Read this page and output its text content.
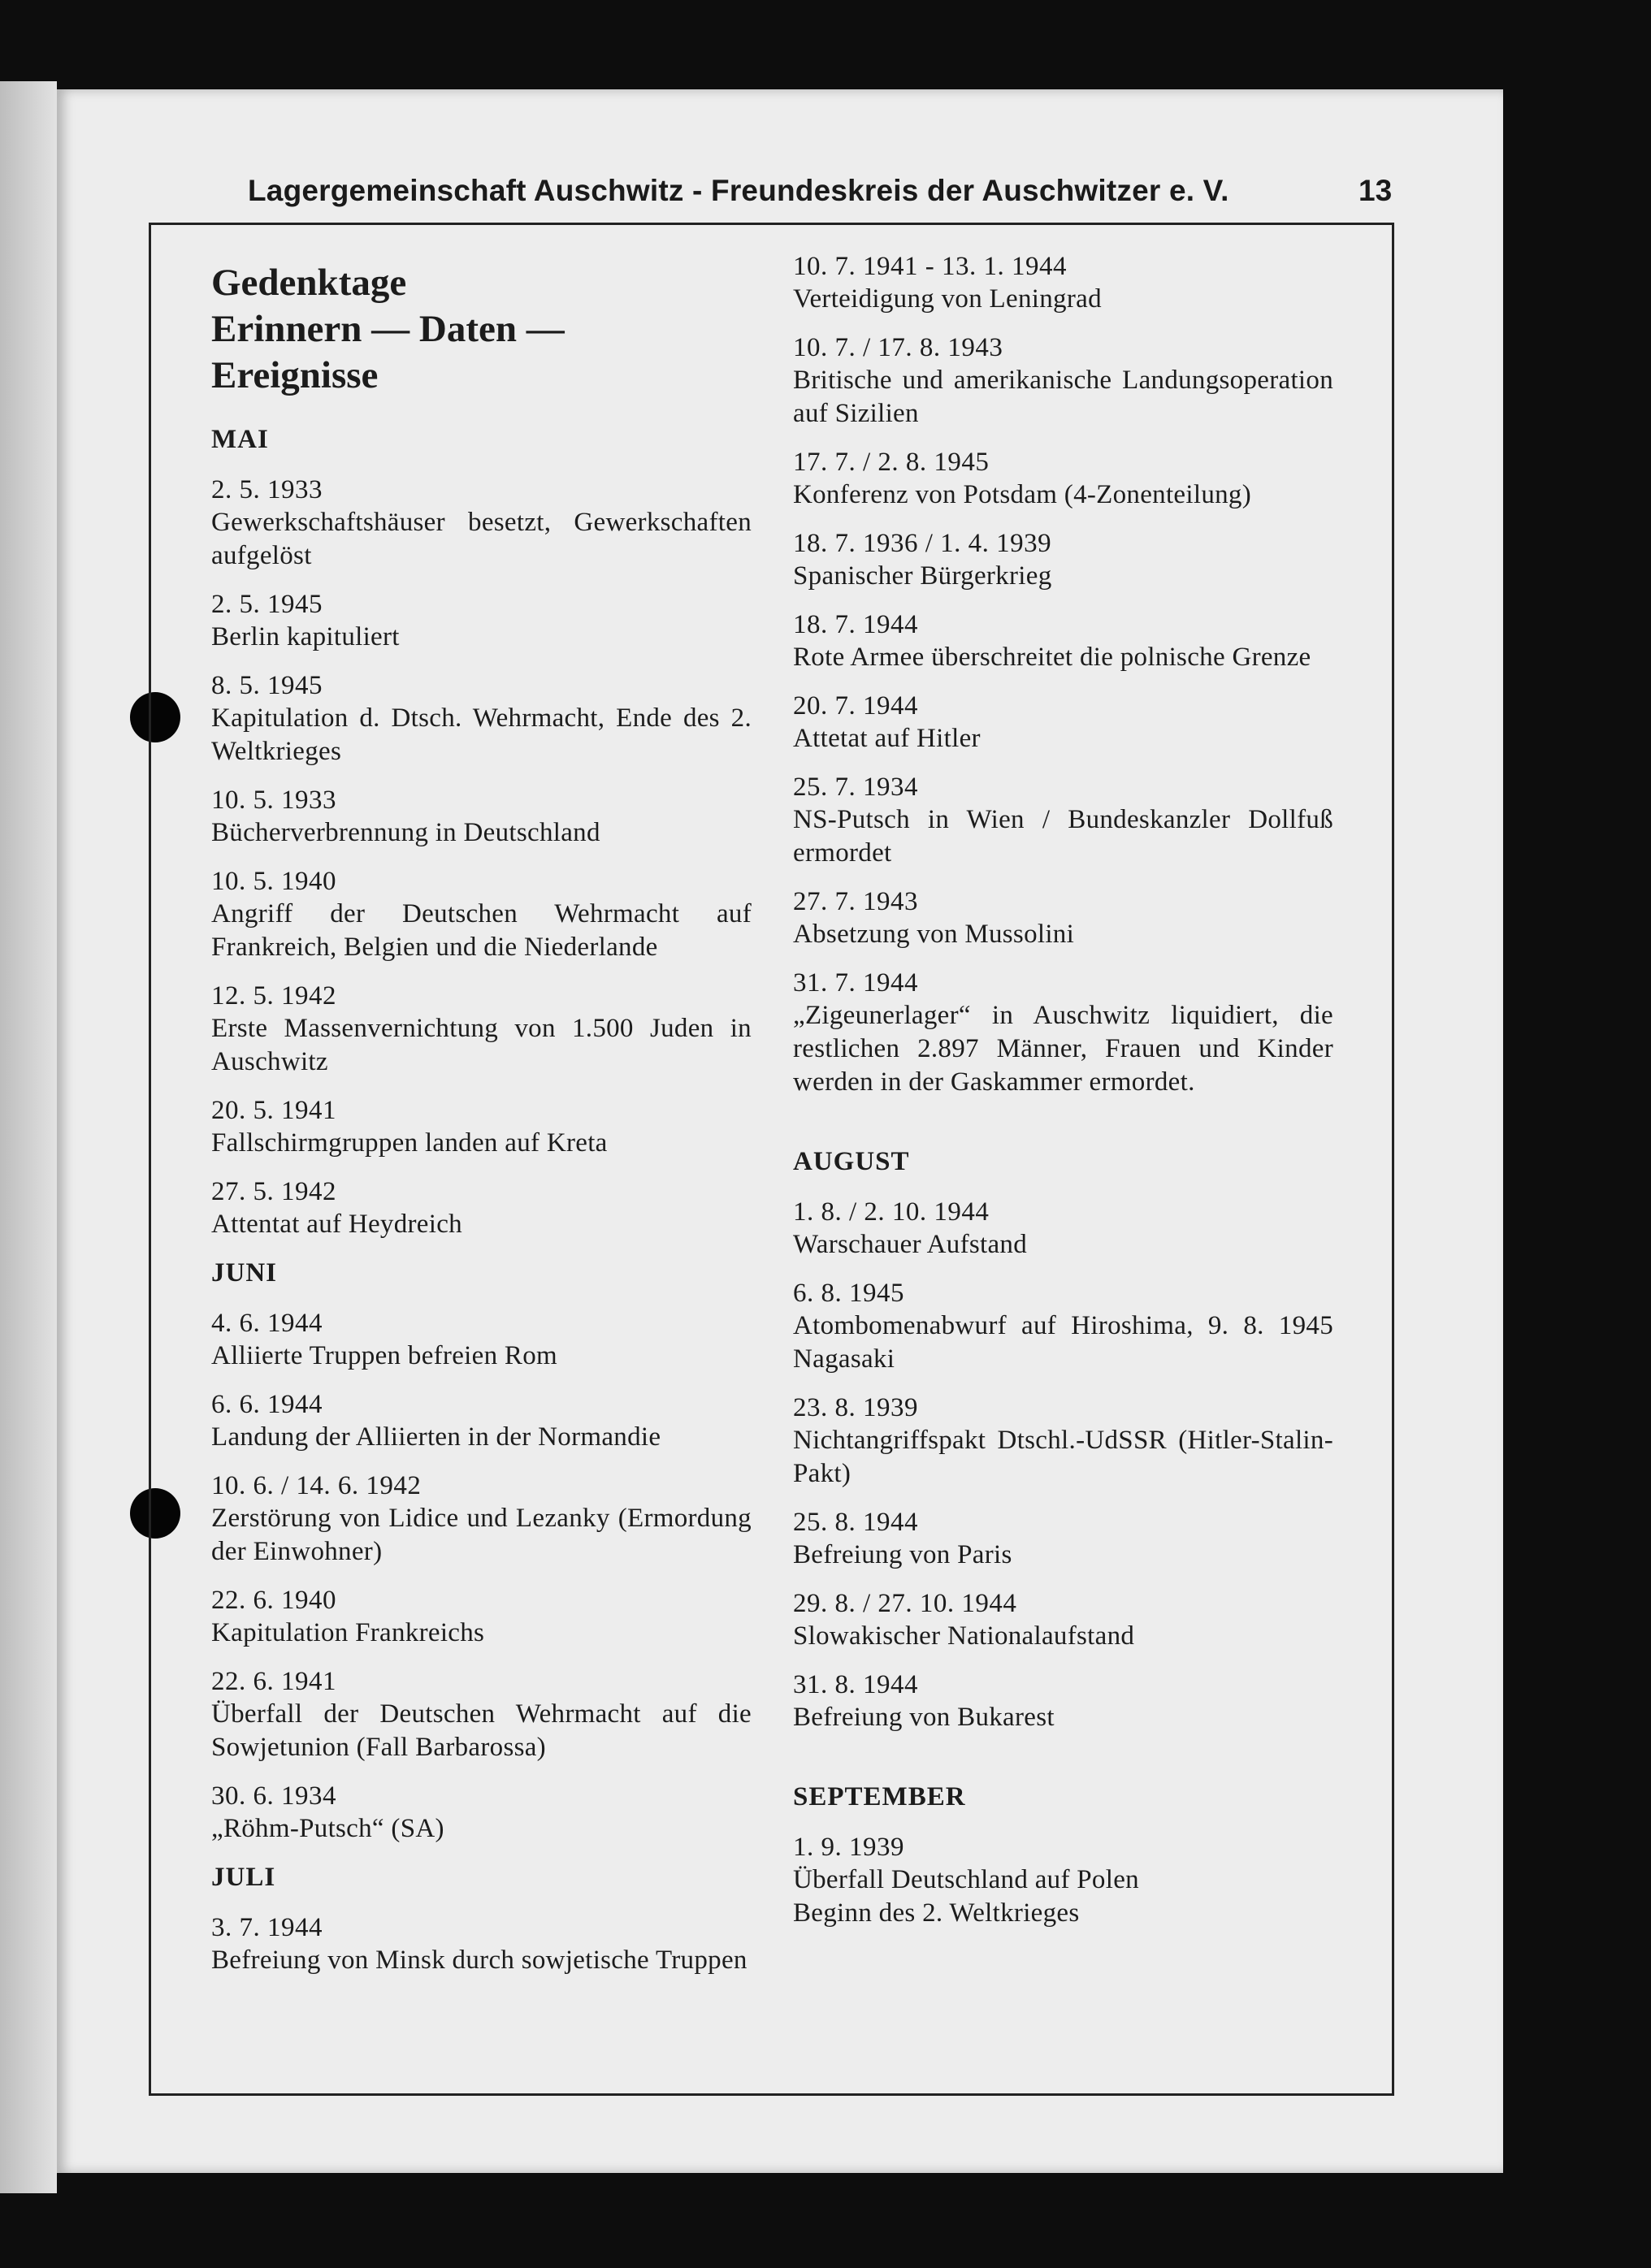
Lagergemeinschaft Auschwitz - Freundeskreis der Auschwitzer e. V.	13
Gedenktage
Erinnern — Daten —
Ereignisse
MAI
2. 5. 1933
Gewerkschaftshäuser besetzt, Gewerkschaften aufgelöst
2. 5. 1945
Berlin kapituliert
8. 5. 1945
Kapitulation d. Dtsch. Wehrmacht, Ende des 2. Weltkrieges
10. 5. 1933
Bücherverbrennung in Deutschland
10. 5. 1940
Angriff der Deutschen Wehrmacht auf Frankreich, Belgien und die Niederlande
12. 5. 1942
Erste Massenvernichtung von 1.500 Juden in Auschwitz
20. 5. 1941
Fallschirmgruppen landen auf Kreta
27. 5. 1942
Attentat auf Heydreich
JUNI
4. 6. 1944
Alliierte Truppen befreien Rom
6. 6. 1944
Landung der Alliierten in der Normandie
10. 6. / 14. 6. 1942
Zerstörung von Lidice und Lezanky (Ermordung der Einwohner)
22. 6. 1940
Kapitulation Frankreichs
22. 6. 1941
Überfall der Deutschen Wehrmacht auf die Sowjetunion (Fall Barbarossa)
30. 6. 1934
„Röhm-Putsch“ (SA)
JULI
3. 7. 1944
Befreiung von Minsk durch sowjetische Truppen
10. 7. 1941 - 13. 1. 1944
Verteidigung von Leningrad
10. 7. / 17. 8. 1943
Britische und amerikanische Landungsoperation auf Sizilien
17. 7. / 2. 8. 1945
Konferenz von Potsdam (4-Zonenteilung)
18. 7. 1936 / 1. 4. 1939
Spanischer Bürgerkrieg
18. 7. 1944
Rote Armee überschreitet die polnische Grenze
20. 7. 1944
Attetat auf Hitler
25. 7. 1934
NS-Putsch in Wien / Bundeskanzler Dollfuß ermordet
27. 7. 1943
Absetzung von Mussolini
31. 7. 1944
„Zigeunerlager“ in Auschwitz liquidiert, die restlichen 2.897 Männer, Frauen und Kinder werden in der Gaskammer ermordet.
AUGUST
1. 8. / 2. 10. 1944
Warschauer Aufstand
6. 8. 1945
Atombomenabwurf auf Hiroshima, 9. 8. 1945 Nagasaki
23. 8. 1939
Nichtangriffspakt Dtschl.-UdSSR (Hitler-Stalin-Pakt)
25. 8. 1944
Befreiung von Paris
29. 8. / 27. 10. 1944
Slowakischer Nationalaufstand
31. 8. 1944
Befreiung von Bukarest
SEPTEMBER
1. 9. 1939
Überfall Deutschland auf Polen
Beginn des 2. Weltkrieges
